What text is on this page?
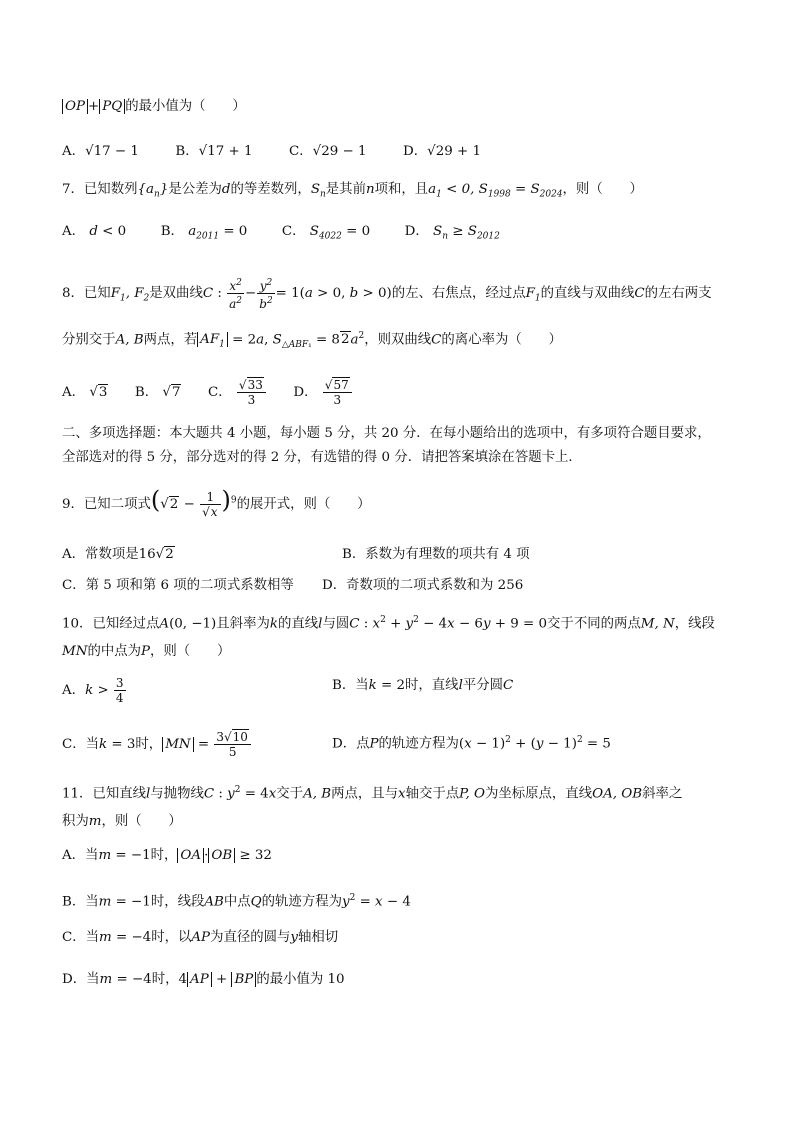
OP + PQ 的最小值为（　　）
A．√17 − 1	B．√17 + 1	C．√29 − 1	D．√29 + 1
7．已知数列$\{a_n\}$是公差为d的等差数列，$S_n$是其前n项和，且$a_1 < 0$, $S_{1998} = S_{2024}$，则（　　）
A． d < 0  B． $a_{2011} = 0$  C． $S_{4022} = 0$  D． $S_n \ge S_{2012}$
8．已知$F_1$, $F_2$是双曲线C : $\frac{x^2}{a^2} - \frac{y^2}{b^2} = 1(a > 0$, b > 0)的左、右焦点，经过点$F_1$的直线与双曲线C的左右两支
分别交于A, B两点，若 $AF_1 = 2a$, $S_{\triangle ABF_1} = 82a^2$，则双曲线C的离心率为（　　）
A． √3 B． √7 C． $\frac{√33}{3}$ D． $\frac{√57}{3}$
二、多项选择题：本大题共 4 小题，每小题 5 分，共 20 分．在每小题给出的选项中，有多项符合题目要求，
全部选对的得 5 分，部分选对的得 2 分，有选错的得 0 分．请把答案填涂在答题卡上．
9．已知二项式$(√2 - \frac{1}{√x} )^9$的展开式，则（　　）
A．常数项是16√2	B．系数为有理数的项共有 4 项
C．第 5 项和第 6 项的二项式系数相等 D．奇数项的二项式系数和为 256
10．已知经过点A(0, −1)且斜率为k的直线l与圆C : $x^2 + y^2 - 4x - 6y + 9 = 0$交于不同的两点M, N，线段
MN的中点为P，则（　　）
A．$k > \frac{3}{4}$	B．当k = 2时，直线l平分圆C
C．当k = 3时， MN = $\frac{3√10}{5}$	D．点P的轨迹方程为$(x - 1)^2 + (y - 1)^2 = 5$
11．已知直线l与抛物线C : $y^2 = 4x$交于A, B两点，且与x轴交于点P, O为坐标原点，直线OA, OB斜率之
积为m，则（　　）
A．当m = −1时， OA · OB ≥ 32
B．当m = −1时，线段AB中点Q的轨迹方程为$y^2 = x - 4$
C．当m = −4时，以AP为直径的圆与y轴相切
D．当m = −4时，4 AP + BP 的最小值为 10
